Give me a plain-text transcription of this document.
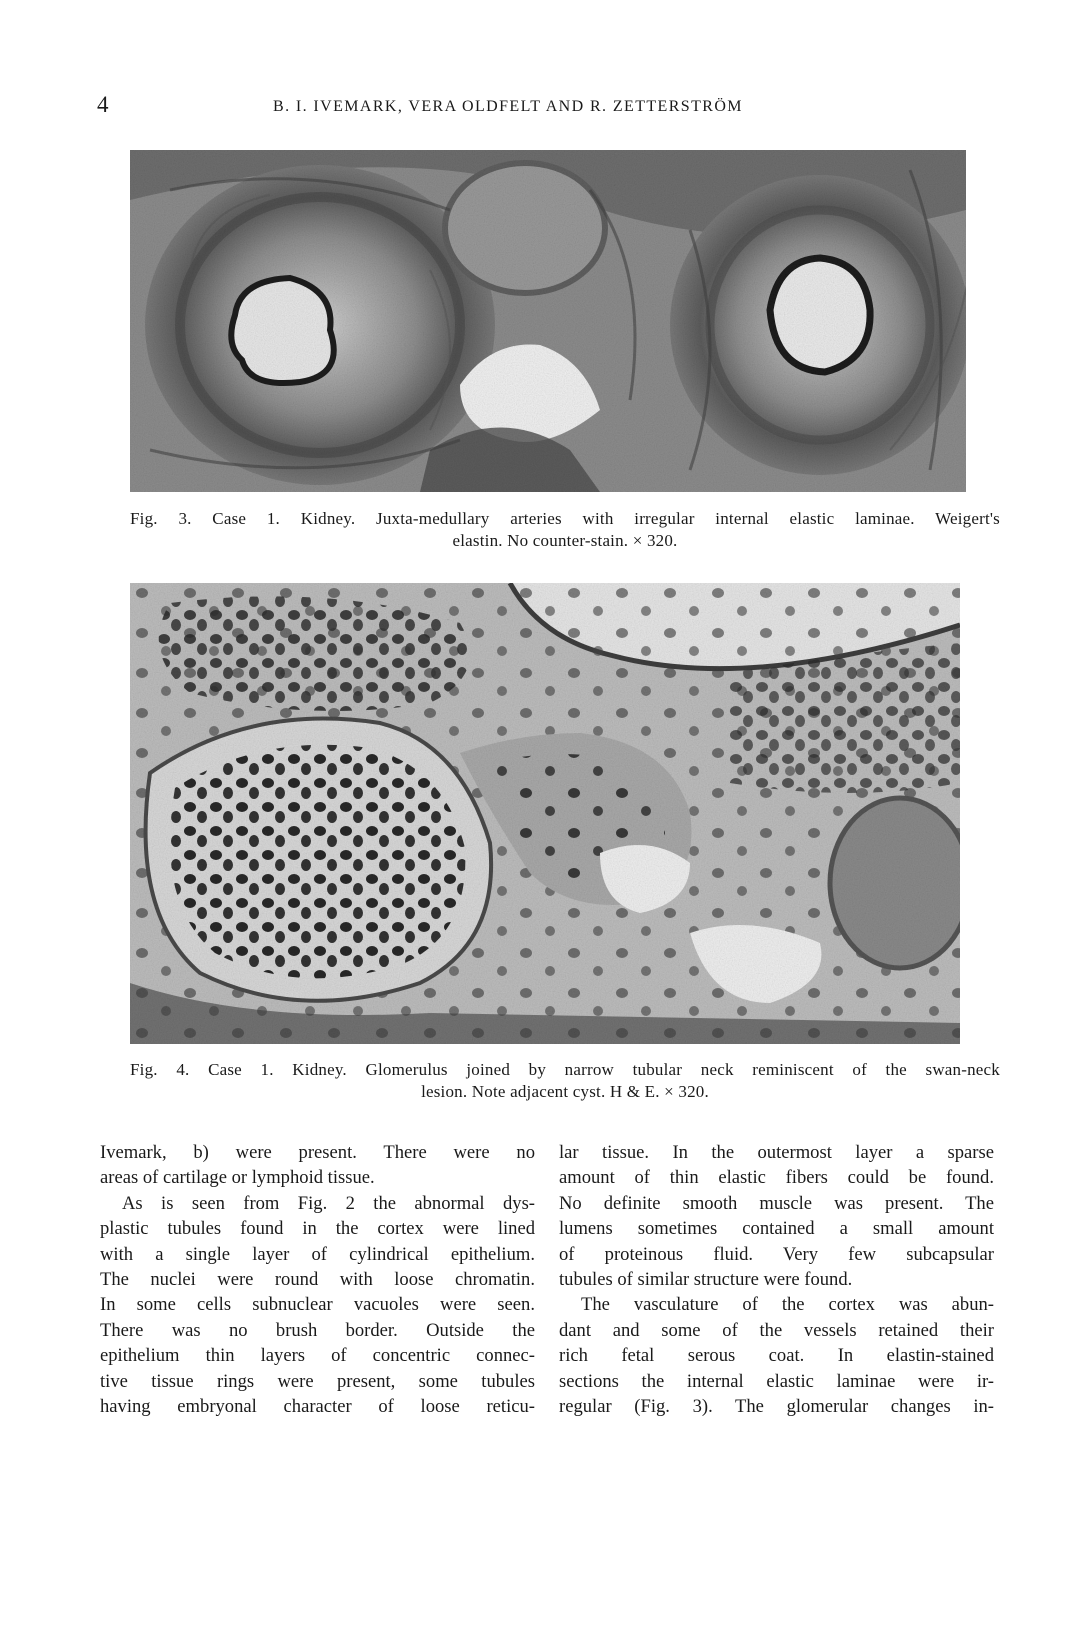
4	B. I. IVEMARK, VERA OLDFELT AND R. ZETTERSTRÖM
Fig. 3. Case 1. Kidney. Juxta-medullary arteries with irregular internal elastic laminae. Weigert's
elastin. No counter-stain. × 320.
Fig. 4. Case 1. Kidney. Glomerulus joined by narrow tubular neck reminiscent of the swan-neck
lesion. Note adjacent cyst. H & E. × 320.
Ivemark, b) were present. There were no
areas of cartilage or lymphoid tissue.
As is seen from Fig. 2 the abnormal dys-
plastic tubules found in the cortex were lined
with a single layer of cylindrical epithelium.
The nuclei were round with loose chromatin.
In some cells subnuclear vacuoles were seen.
There was no brush border. Outside the
epithelium thin layers of concentric connec-
tive tissue rings were present, some tubules
having embryonal character of loose reticu-
lar tissue. In the outermost layer a sparse
amount of thin elastic fibers could be found.
No definite smooth muscle was present. The
lumens sometimes contained a small amount
of proteinous fluid. Very few subcapsular
tubules of similar structure were found.
The vasculature of the cortex was abun-
dant and some of the vessels retained their
rich fetal serous coat. In elastin-stained
sections the internal elastic laminae were ir-
regular (Fig. 3). The glomerular changes in-
